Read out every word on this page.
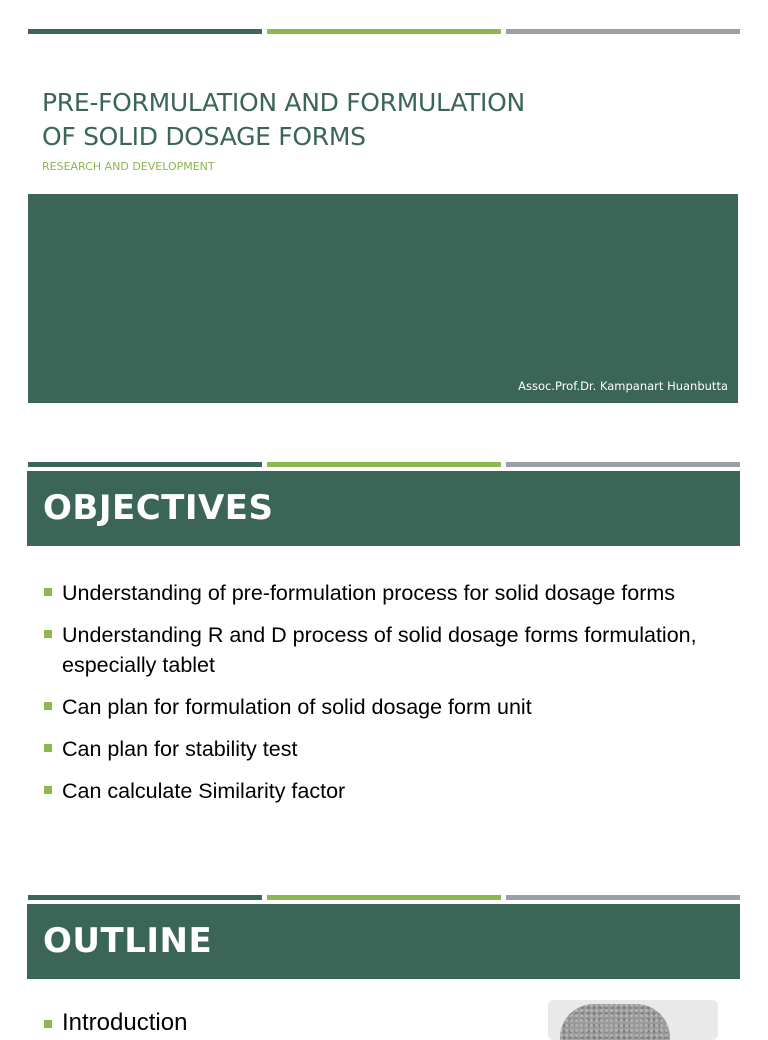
PRE-FORMULATION AND FORMULATION
OF SOLID DOSAGE FORMS
RESEARCH AND DEVELOPMENT
Assoc.Prof.Dr. Kampanart Huanbutta
OBJECTIVES
Understanding of pre-formulation process for solid dosage forms
Understanding R and D process of solid dosage forms formulation, especially tablet
Can plan for formulation of solid dosage form unit
Can plan for stability test
Can calculate Similarity factor
OUTLINE
Introduction
